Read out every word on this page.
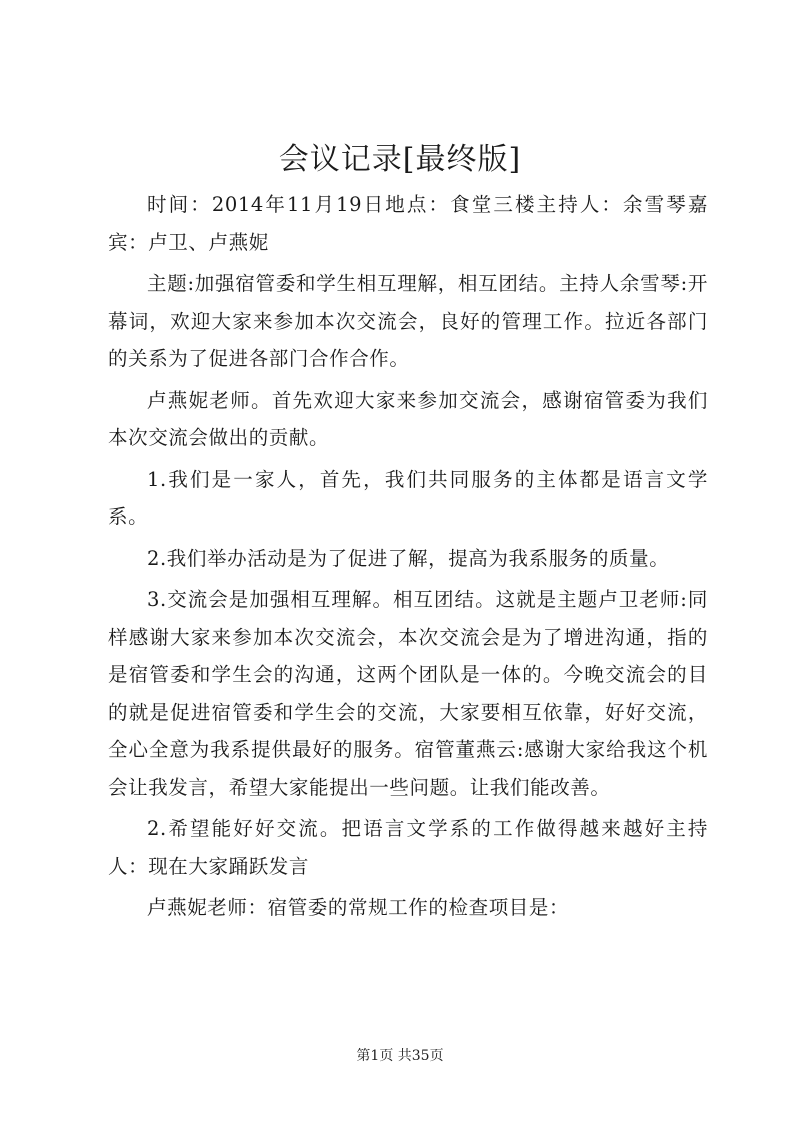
会议记录[最终版]

时间：2014年11月19日地点：食堂三楼主持人：余雪琴嘉宾：卢卫、卢燕妮

主题:加强宿管委和学生相互理解，相互团结。主持人余雪琴:开幕词，欢迎大家来参加本次交流会，良好的管理工作。拉近各部门的关系为了促进各部门合作合作。

卢燕妮老师。首先欢迎大家来参加交流会，感谢宿管委为我们本次交流会做出的贡献。

1.我们是一家人，首先，我们共同服务的主体都是语言文学系。

2.我们举办活动是为了促进了解，提高为我系服务的质量。

3.交流会是加强相互理解。相互团结。这就是主题卢卫老师:同样感谢大家来参加本次交流会，本次交流会是为了增进沟通，指的是宿管委和学生会的沟通，这两个团队是一体的。今晚交流会的目的就是促进宿管委和学生会的交流，大家要相互依靠，好好交流，全心全意为我系提供最好的服务。宿管董燕云:感谢大家给我这个机会让我发言，希望大家能提出一些问题。让我们能改善。

2.希望能好好交流。把语言文学系的工作做得越来越好主持人：现在大家踊跃发言

卢燕妮老师：宿管委的常规工作的检查项目是：

第1页 共35页
